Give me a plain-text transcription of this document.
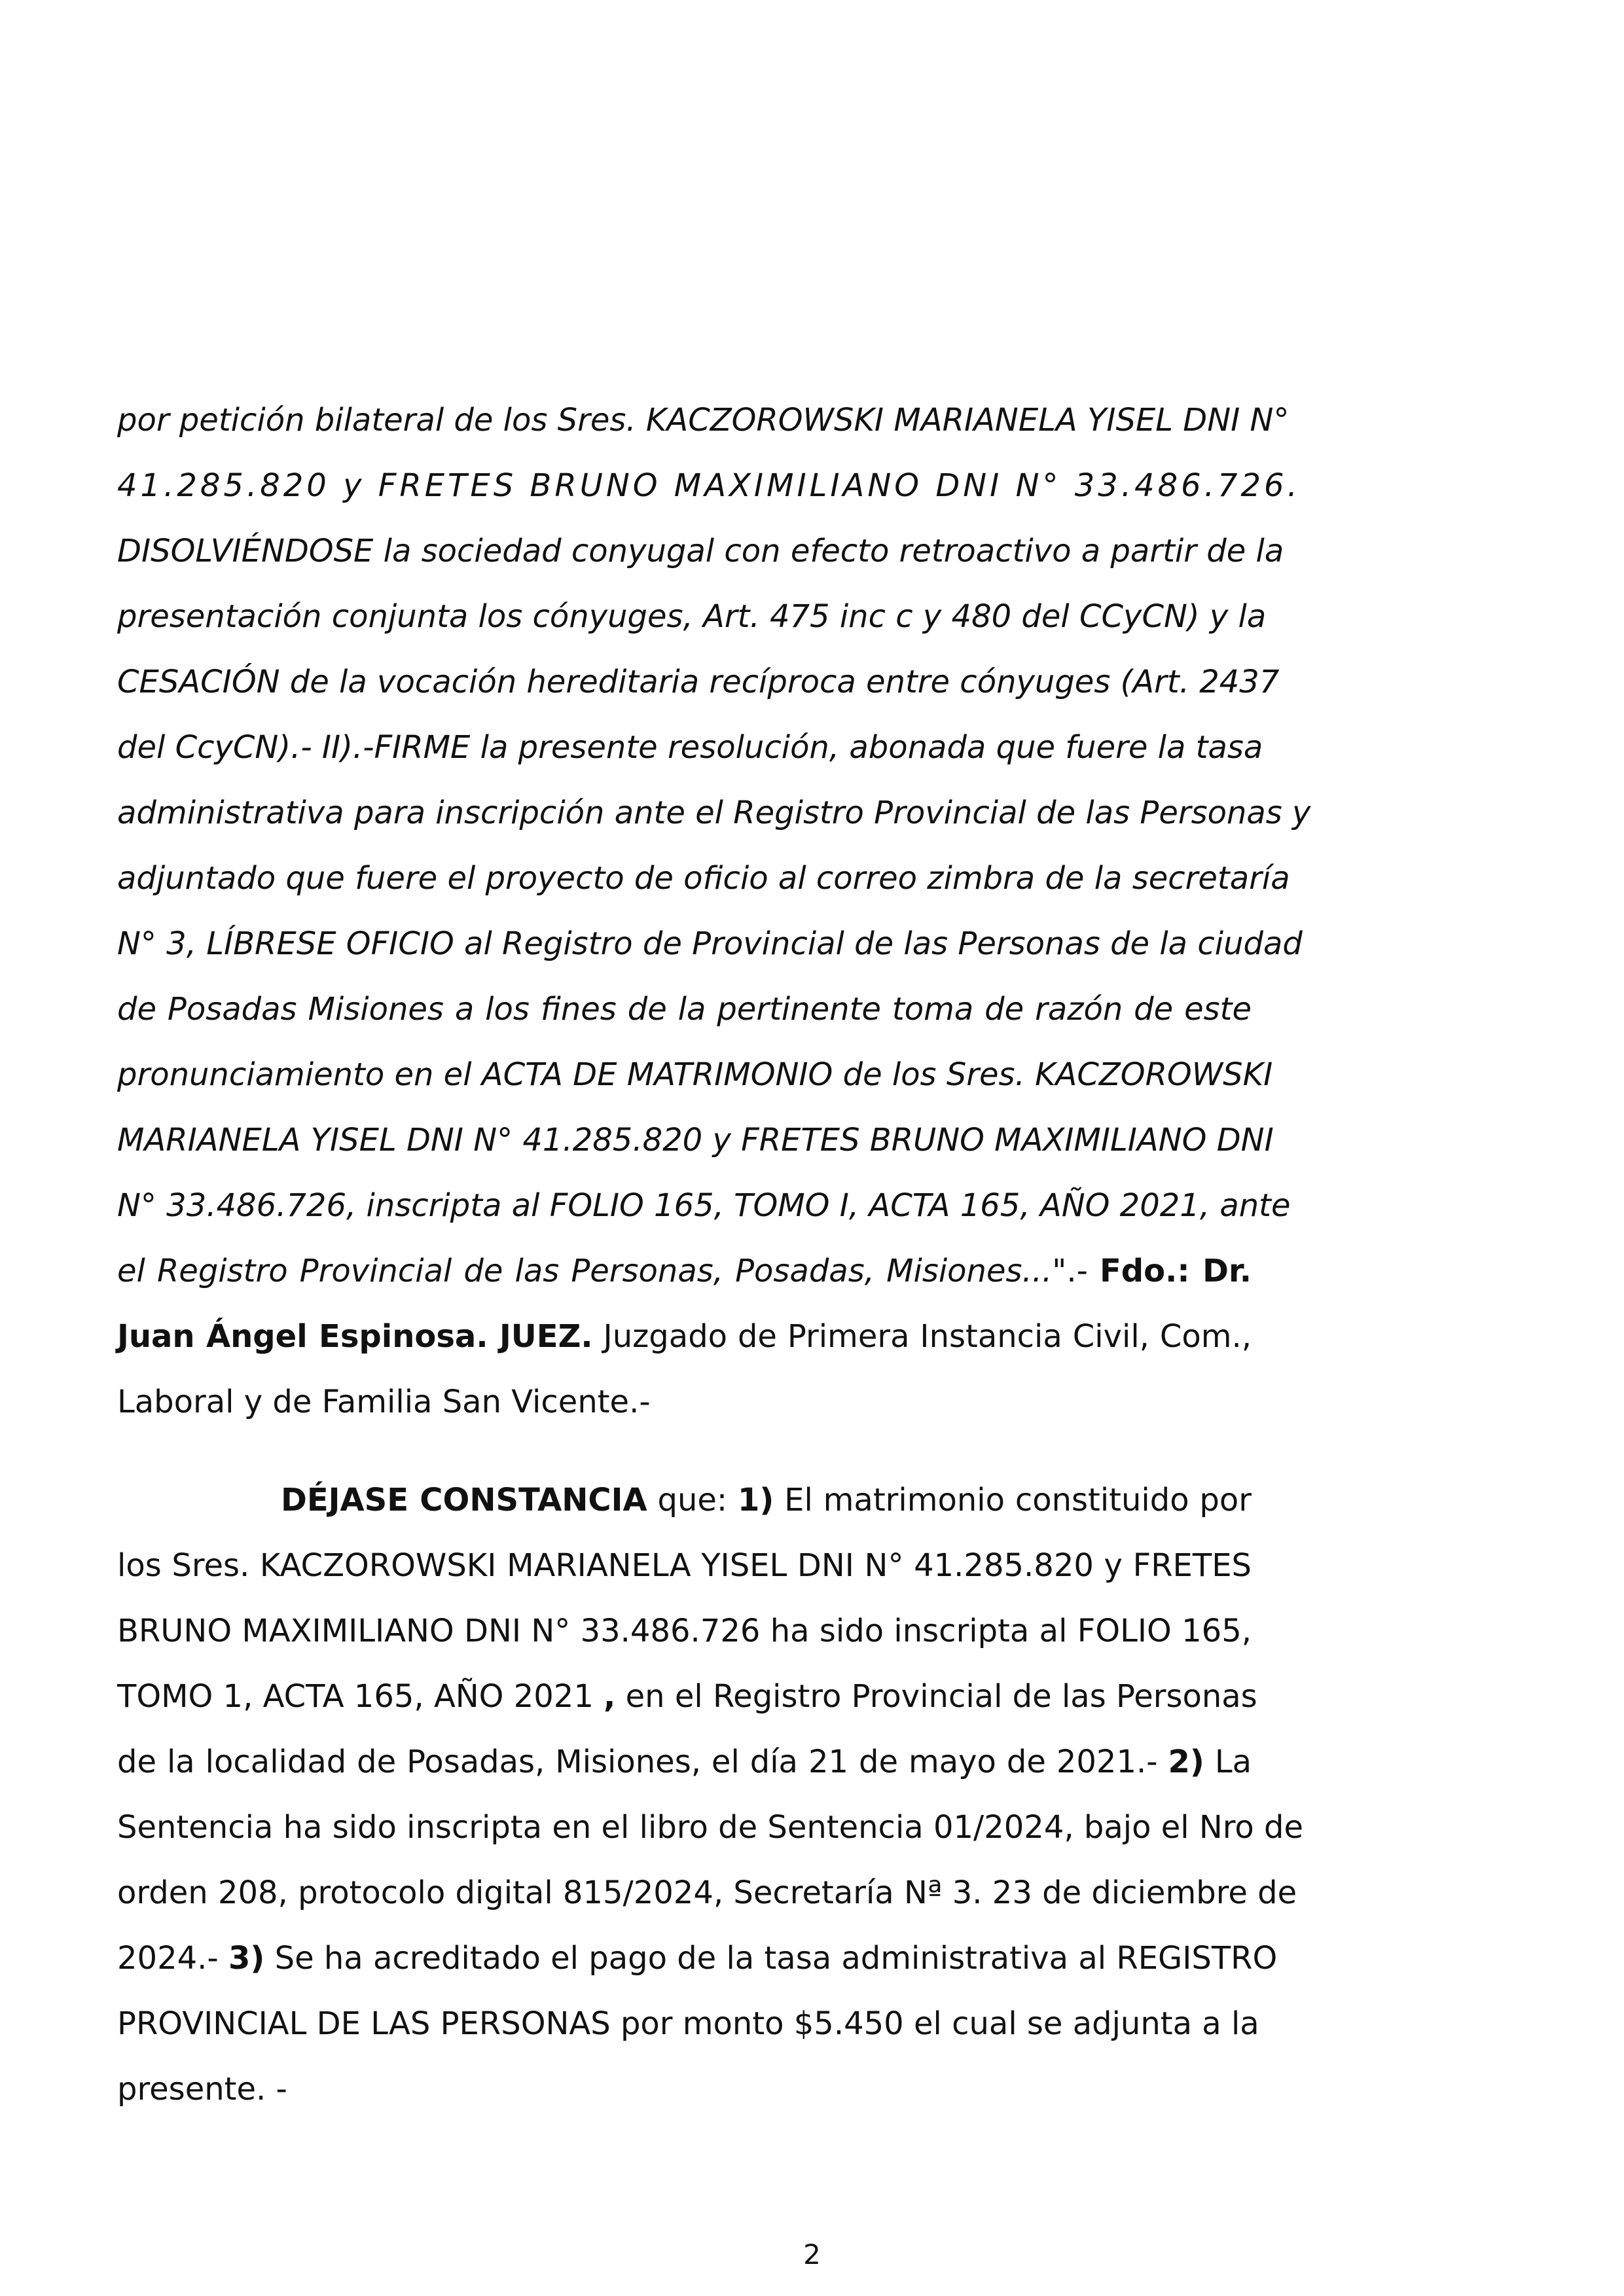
por petición bilateral de los Sres. KACZOROWSKI MARIANELA YISEL DNI N°
41.285.820 y FRETES BRUNO MAXIMILIANO DNI N° 33.486.726.
DISOLVIÉNDOSE la sociedad conyugal con efecto retroactivo a partir de la
presentación conjunta los cónyuges, Art. 475 inc c y 480 del CCyCN) y la
CESACIÓN de la vocación hereditaria recíproca entre cónyuges (Art. 2437
del CcyCN).- II).-FIRME la presente resolución, abonada que fuere la tasa
administrativa para inscripción ante el Registro Provincial de las Personas y
adjuntado que fuere el proyecto de oficio al correo zimbra de la secretaría
N° 3, LÍBRESE OFICIO al Registro de Provincial de las Personas de la ciudad
de Posadas Misiones a los fines de la pertinente toma de razón de este
pronunciamiento en el ACTA DE MATRIMONIO de los Sres. KACZOROWSKI
MARIANELA YISEL DNI N° 41.285.820 y FRETES BRUNO MAXIMILIANO DNI
N° 33.486.726, inscripta al FOLIO 165, TOMO I, ACTA 165, AÑO 2021, ante
el Registro Provincial de las Personas, Posadas, Misiones...".- Fdo.: Dr.
Juan Ángel Espinosa. JUEZ. Juzgado de Primera Instancia Civil, Com.,
Laboral y de Familia San Vicente.-
DÉJASE CONSTANCIA que: 1) El matrimonio constituido por
los Sres. KACZOROWSKI MARIANELA YISEL DNI N° 41.285.820 y FRETES
BRUNO MAXIMILIANO DNI N° 33.486.726 ha sido inscripta al FOLIO 165,
TOMO 1, ACTA 165, AÑO 2021 , en el Registro Provincial de las Personas
de la localidad de Posadas, Misiones, el día 21 de mayo de 2021.- 2) La
Sentencia ha sido inscripta en el libro de Sentencia 01/2024, bajo el Nro de
orden 208, protocolo digital 815/2024, Secretaría Nª 3. 23 de diciembre de
2024.- 3) Se ha acreditado el pago de la tasa administrativa al REGISTRO
PROVINCIAL DE LAS PERSONAS por monto $5.450 el cual se adjunta a la
presente. -
2
